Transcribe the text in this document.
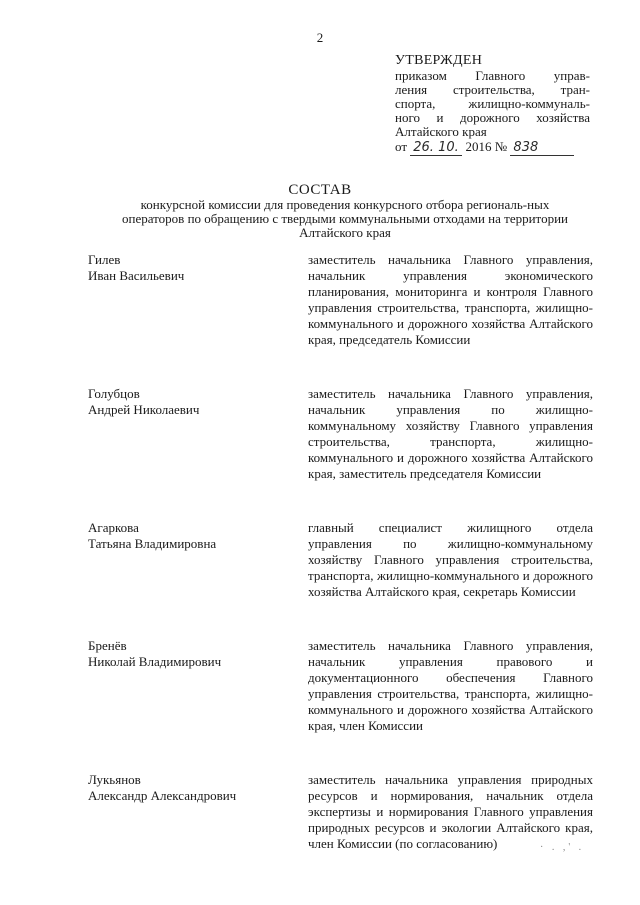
2
УТВЕРЖДЕН
приказом Главного управ-
ления строительства, тран-
спорта, жилищно-коммуналь-
ного и дорожного хозяйства
Алтайского края
от 26. 10. 2016 № 838
СОСТАВ
конкурсной комиссии для проведения конкурсного отбора региональ-ных операторов по обращению с твердыми коммунальными отходами на территории Алтайского края
Гилев
Иван Васильевич
заместитель начальника Главного управления, начальник управления экономического планирования, мониторинга и контроля Главного управления строительства, транспорта, жилищно-коммунального и дорожного хозяйства Алтайского края, председатель Комиссии
Голубцов
Андрей Николаевич
заместитель начальника Главного управления, начальник управления по жилищно-коммунальному хозяйству Главного управления строительства, транспорта, жилищно-коммунального и дорожного хозяйства Алтайского края, заместитель председателя Комиссии
Агаркова
Татьяна Владимировна
главный специалист жилищного отдела управления по жилищно-коммунальному хозяйству Главного управления строительства, транспорта, жилищно-коммунального и дорожного хозяйства Алтайского края, секретарь Комиссии
Бренёв
Николай Владимирович
заместитель начальника Главного управления, начальник управления правового и документационного обеспечения Главного управления строительства, транспорта, жилищно-коммунального и дорожного хозяйства Алтайского края, член Комиссии
Лукьянов
Александр Александрович
заместитель начальника управления природных ресурсов и нормирования, начальник отдела экспертизы и нормирования Главного управления природных ресурсов и экологии Алтайского края, член Комиссии (по согласованию)	· . ,' .
